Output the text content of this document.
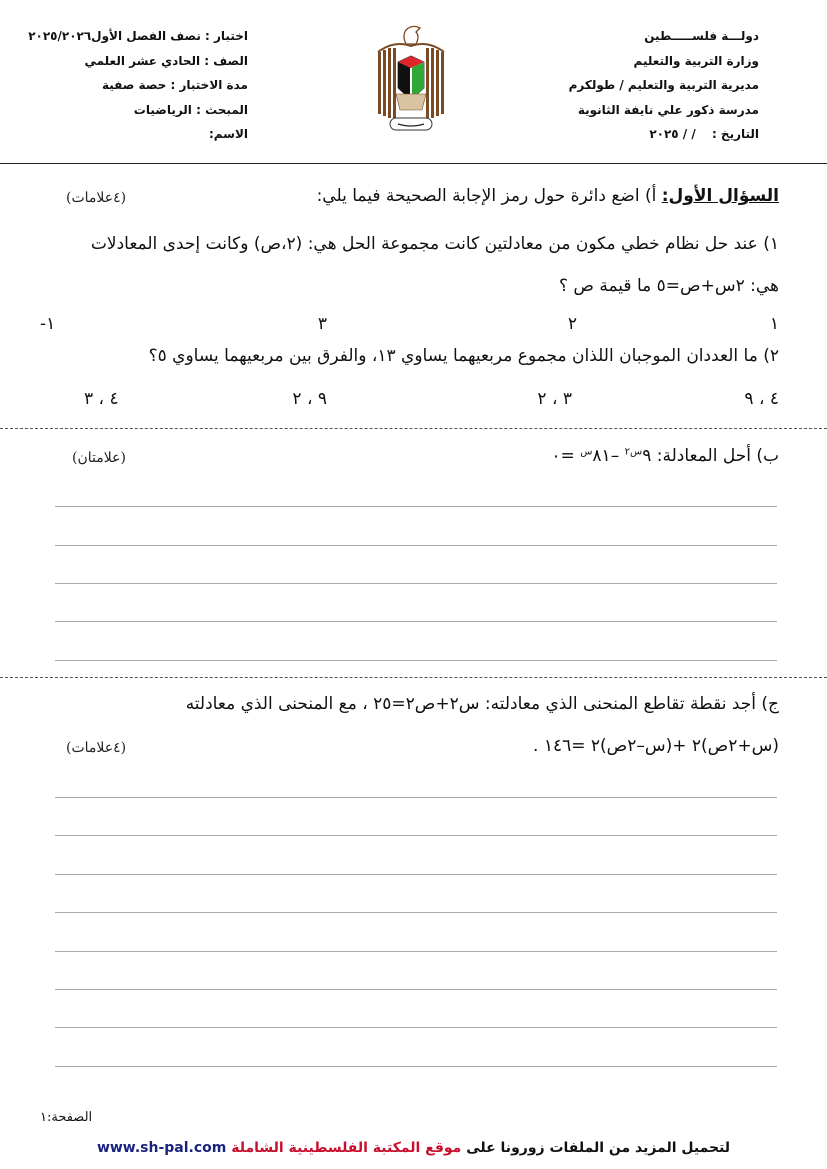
دولـــة فلســـــطين
وزارة التربية والتعليم
مديرية التربية والتعليم / طولكرم
مدرسة ذكور علي نايفة الثانوية
التاريخ : / / ٢٠٢٥
اختبار : نصف الفصل الأول٢٠٢٥/٢٠٢٦
الصف : الحادي عشر العلمي
مدة الاختبار : حصة صفية
المبحث : الرياضيات
الاسم:
السؤال الأول: أ) اضع دائرة حول رمز الإجابة الصحيحة فيما يلي:
(٤علامات)
١) عند حل نظام خطي مكون من معادلتين كانت مجموعة الحل هي: (٢،ص) وكانت إحدى المعادلات
هي: ٢س+ص=٥ ما قيمة ص ؟
١
٢
٣
١-
٢) ما العددان الموجبان اللذان مجموع مربعيهما يساوي ١٣، والفرق بين مربعيهما يساوي ٥؟
٤ ، ٩
٣ ، ٢
٩ ، ٢
٤ ، ٣
ب) أحل المعادلة: $٩^{س٢}$ $-٨١^س$ =٠
(علامتان)
ج) أجد نقطة تقاطع المنحنى الذي معادلته: س٢+ص٢=٢٥ ، مع المنحنى الذي معادلته
(س+٢ص)٢ +(س–٢ص)٢ =١٤٦ .
(٤علامات)
الصفحة:١
لتحميل المزيد من الملفات زورونا على موقع المكتبة الفلسطينية الشاملة www.sh-pal.com
